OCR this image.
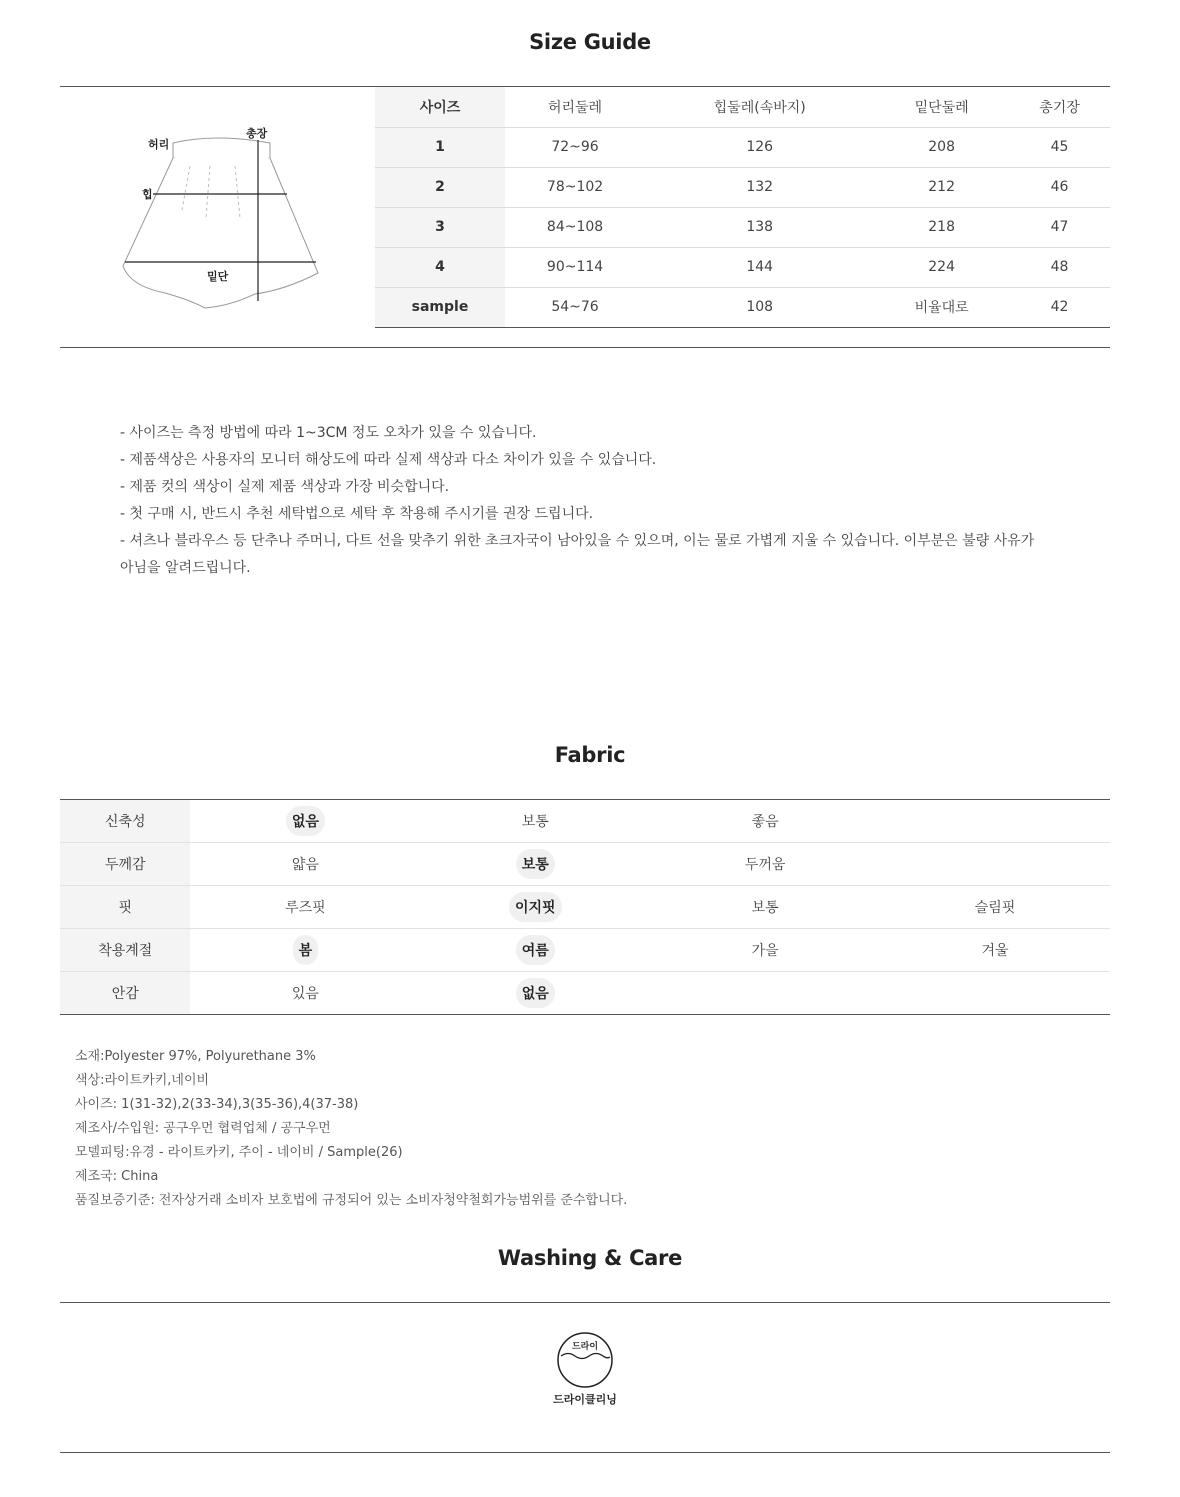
Size Guide
허리
총장
힙
밑단
사이즈	허리둘레	힙둘레(속바지)	밑단둘레	총기장
1	72~96	126	208	45
2	78~102	132	212	46
3	84~108	138	218	47
4	90~114	144	224	48
sample	54~76	108	비율대로	42

- 사이즈는 측정 방법에 따라 1~3CM 정도 오차가 있을 수 있습니다.

- 제품색상은 사용자의 모니터 해상도에 따라 실제 색상과 다소 차이가 있을 수 있습니다.

- 제품 컷의 색상이 실제 제품 색상과 가장 비슷합니다.

- 첫 구매 시, 반드시 추천 세탁법으로 세탁 후 착용해 주시기를 권장 드립니다.

- 셔츠나 블라우스 등 단추나 주머니, 다트 선을 맞추기 위한 초크자국이 남아있을 수 있으며, 이는 물로 가볍게 지울 수 있습니다. 이부분은 불량 사유가

아님을 알려드립니다.

Fabric
신축성	없음	보통	좋음	
두께감	얇음	보통	두꺼움	
핏	루즈핏	이지핏	보통	슬림핏
착용계절	봄	여름	가을	겨울
안감	있음	없음		
소재:Polyester 97%, Polyurethane 3%
색상:라이트카키,네이비
사이즈: 1(31-32),2(33-34),3(35-36),4(37-38)
제조사/수입원: 공구우먼 협력업체 / 공구우먼
모델피팅:유경 - 라이트카키, 주이 - 네이비 / Sample(26)
제조국: China
품질보증기준: 전자상거래 소비자 보호법에 규정되어 있는 소비자청약철회가능범위를 준수합니다.
Washing & Care
드라이
드라이클리닝
